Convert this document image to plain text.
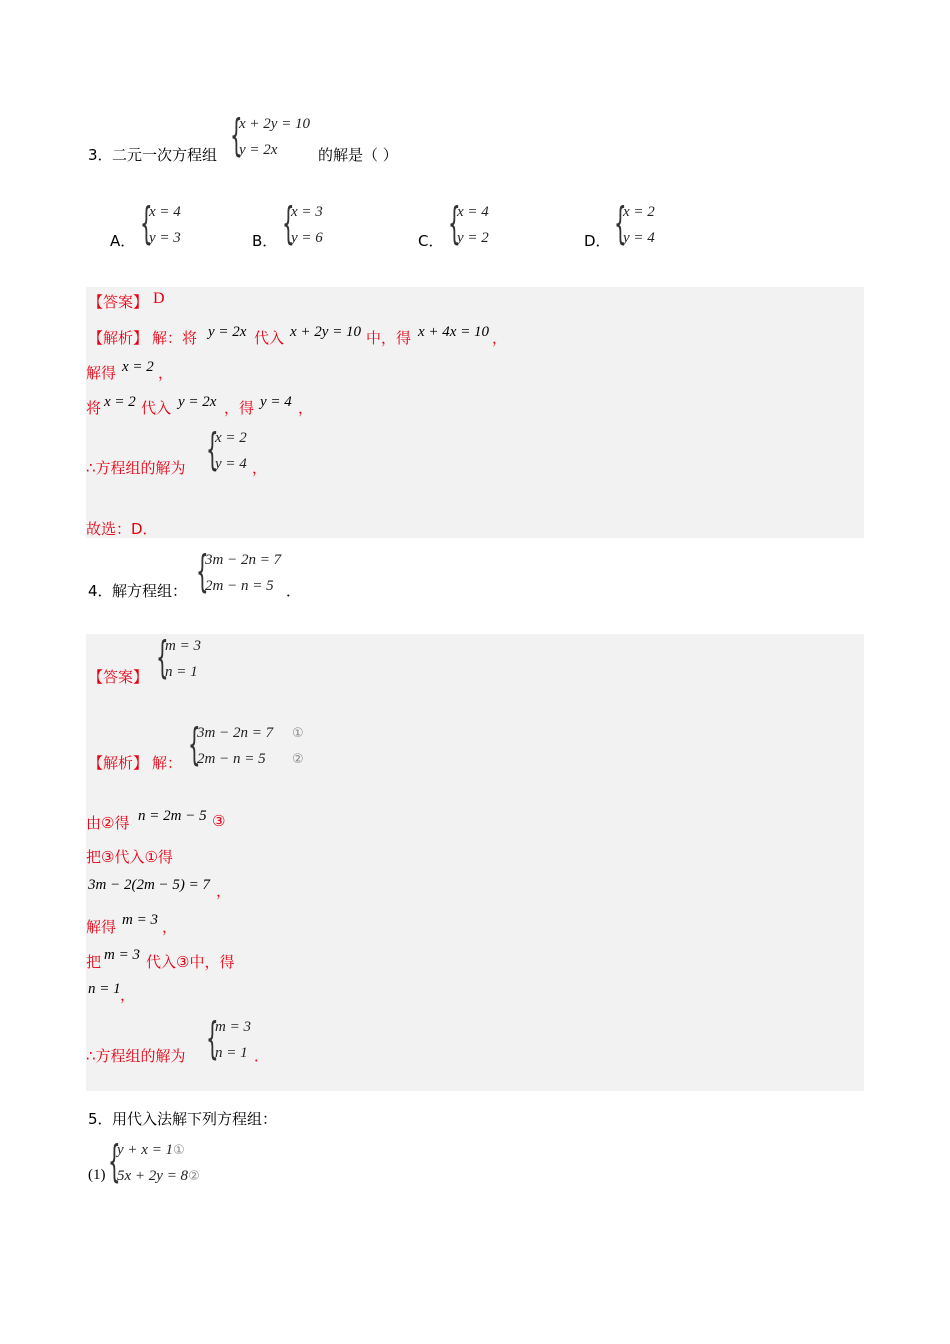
3． 二元一次方程组 {
x + 2y = 10
y = 2x	的解是（ ）
A． {
x = 4
y = 3	B． {
x = 3
y = 6	C． {
x = 4
y = 2	D． {
x = 2
y = 4
【答案】 D
【解析】 解：将 y = 2x 代入 x + 2y = 10 中，得 x + 4x = 10 ，
解得 x = 2 ，
将 x = 2 代入 y = 2x ，得 y = 4 ，
∴方程组的解为 {
x = 2
y = 4 ，
故选：D．
4． 解方程组： {
3m − 2n = 7
2m − n = 5 ．
【答案】 {
m = 3
n = 1
【解析】 解： {
3m − 2n = 7
2m − n = 5
①
②
由②得 n = 2m − 5 ③
把③代入①得
3m − 2(2m − 5) = 7 ，
解得 m = 3 ，
把 m = 3 代入③中，得
n = 1 ，
∴方程组的解为 {
m = 3
n = 1 ．
5． 用代入法解下列方程组：
(1) {
y + x = 1①
5x + 2y = 8②
